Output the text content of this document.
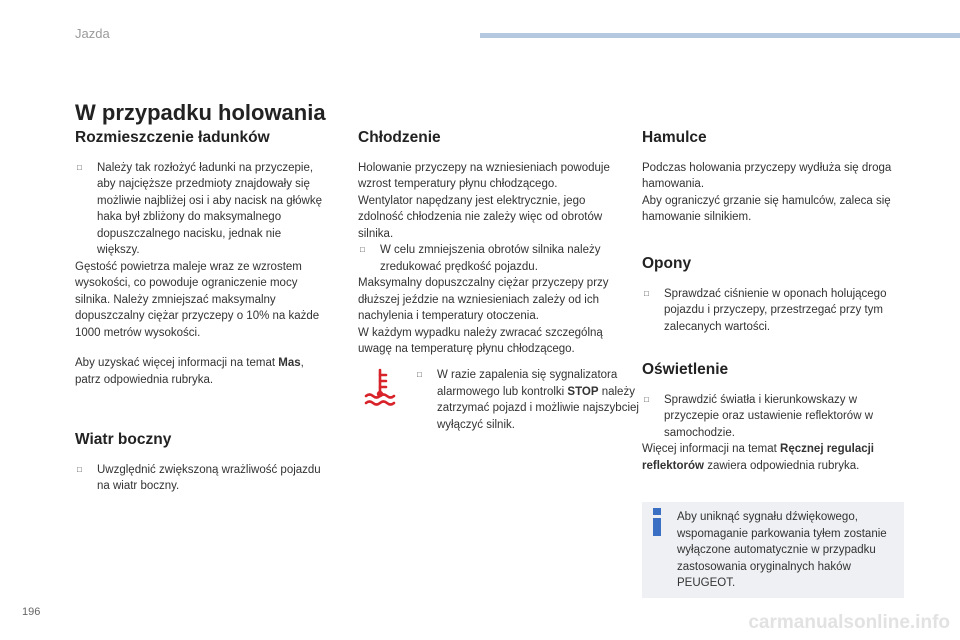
Jazda
W przypadku holowania
Rozmieszczenie ładunków

□ Należy tak rozłożyć ładunki na przyczepie, aby najcięższe przedmioty znajdowały się możliwie najbliżej osi i aby nacisk na główkę haka był zbliżony do maksymalnego dopuszczalnego nacisku, jednak nie większy.

Gęstość powietrza maleje wraz ze wzrostem wysokości, co powoduje ograniczenie mocy silnika. Należy zmniejszać maksymalny dopuszczalny ciężar przyczepy o 10% na każde 1000 metrów wysokości.

Aby uzyskać więcej informacji na temat Mas, patrz odpowiednia rubryka.

Wiatr boczny

□ Uwzględnić zwiększoną wrażliwość pojazdu na wiatr boczny.

Chłodzenie

Holowanie przyczepy na wzniesieniach powoduje wzrost temperatury płynu chłodzącego.

Wentylator napędzany jest elektrycznie, jego zdolność chłodzenia nie zależy więc od obrotów silnika.

□ W celu zmniejszenia obrotów silnika należy zredukować prędkość pojazdu.

Maksymalny dopuszczalny ciężar przyczepy przy dłuższej jeździe na wzniesieniach zależy od ich nachylenia i temperatury otoczenia.

W każdym wypadku należy zwracać szczególną uwagę na temperaturę płynu chłodzącego.

□ W razie zapalenia się sygnalizatora alarmowego lub kontrolki STOP należy zatrzymać pojazd i możliwie najszybciej wyłączyć silnik.

Hamulce

Podczas holowania przyczepy wydłuża się droga hamowania.

Aby ograniczyć grzanie się hamulców, zaleca się hamowanie silnikiem.

Opony

□ Sprawdzać ciśnienie w oponach holującego pojazdu i przyczepy, przestrzegać przy tym zalecanych wartości.

Oświetlenie

□ Sprawdzić światła i kierunkowskazy w przyczepie oraz ustawienie reflektorów w samochodzie.

Więcej informacji na temat Ręcznej regulacji reflektorów zawiera odpowiednia rubryka.

Aby uniknąć sygnału dźwiękowego, wspomaganie parkowania tyłem zostanie wyłączone automatycznie w przypadku zastosowania oryginalnych haków PEUGEOT.

196	carmanualsonline.info
